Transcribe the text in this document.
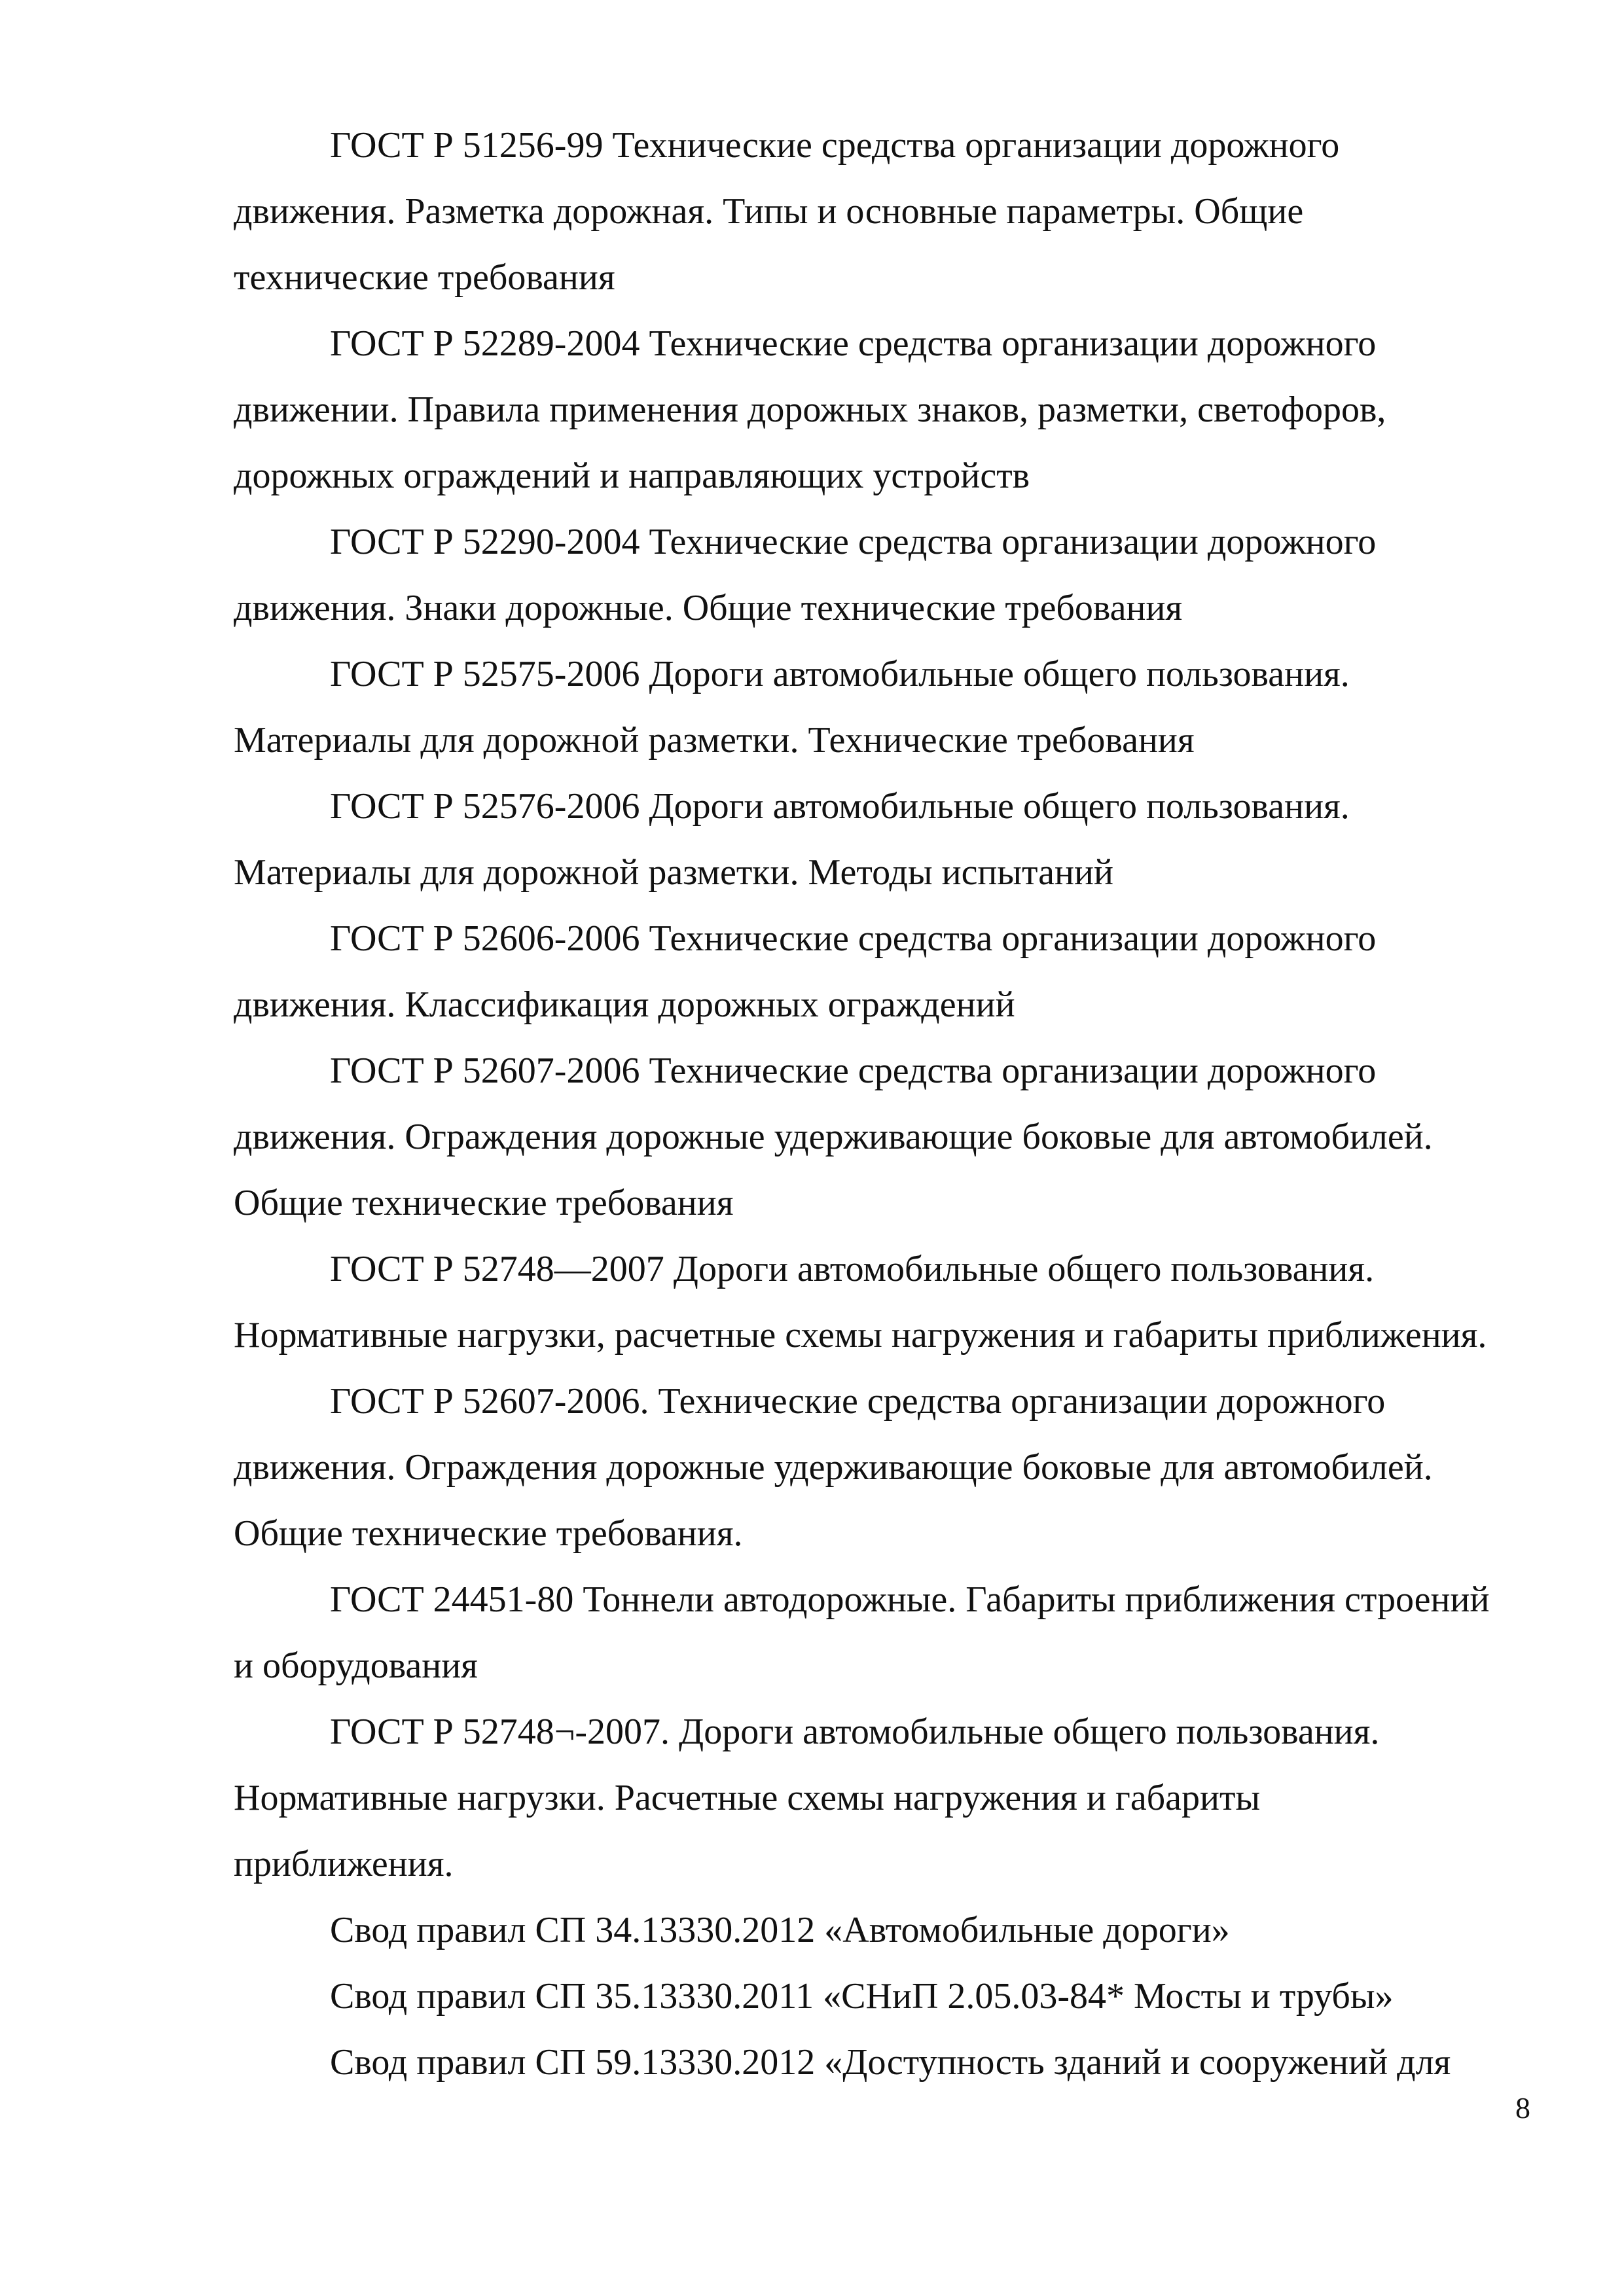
ГОСТ Р 51256-99 Технические средства организации дорожного
движения. Разметка дорожная. Типы и основные параметры. Общие
технические требования
ГОСТ Р 52289-2004 Технические средства организации дорожного
движении. Правила применения дорожных знаков, разметки, светофоров,
дорожных ограждений и направляющих устройств
ГОСТ Р 52290-2004 Технические средства организации дорожного
движения. Знаки дорожные. Общие технические требования
ГОСТ Р 52575-2006 Дороги автомобильные общего пользования.
Материалы для дорожной разметки. Технические требования
ГОСТ Р 52576-2006 Дороги автомобильные общего пользования.
Материалы для дорожной разметки. Методы испытаний
ГОСТ Р 52606-2006 Технические средства организации дорожного
движения. Классификация дорожных ограждений
ГОСТ Р 52607-2006 Технические средства организации дорожного
движения. Ограждения дорожные удерживающие боковые для автомобилей.
Общие технические требования
ГОСТ Р 52748—2007 Дороги автомобильные общего пользования.
Нормативные нагрузки, расчетные схемы нагружения и габариты приближения.
ГОСТ Р 52607-2006. Технические средства организации дорожного
движения. Ограждения дорожные удерживающие боковые для автомобилей.
Общие технические требования.
ГОСТ 24451-80 Тоннели автодорожные. Габариты приближения строений
и оборудования
ГОСТ Р 52748¬-2007. Дороги автомобильные общего пользования.
Нормативные нагрузки. Расчетные схемы нагружения и габариты
приближения.
Свод правил СП 34.13330.2012 «Автомобильные дороги»
Свод правил СП 35.13330.2011 «СНиП 2.05.03-84* Мосты и трубы»
Свод правил СП 59.13330.2012 «Доступность зданий и сооружений для
8
